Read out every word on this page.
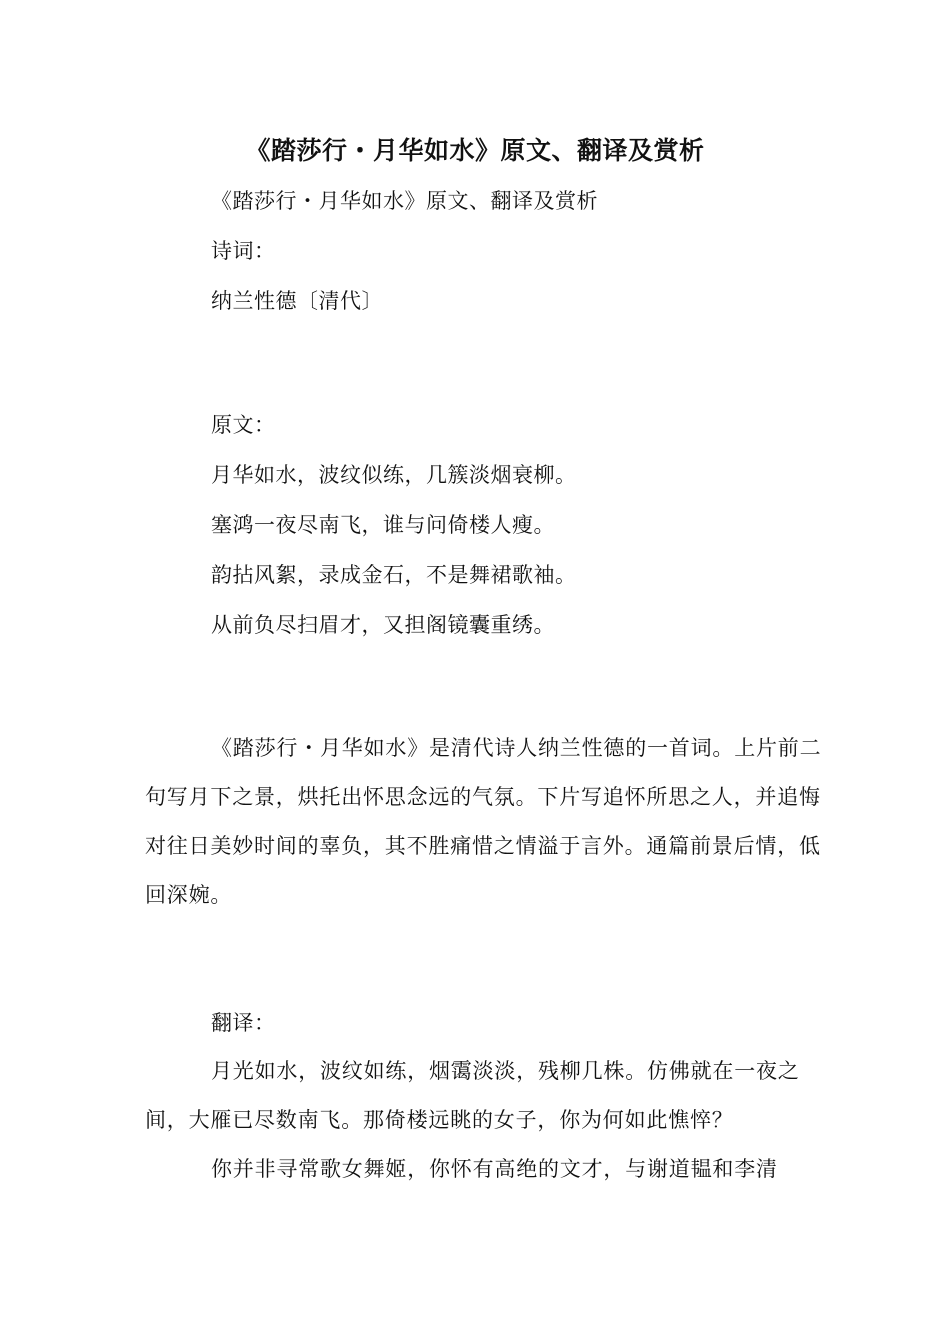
《踏莎行・月华如水》原文、翻译及赏析
《踏莎行・月华如水》原文、翻译及赏析
诗词：
纳兰性德〔清代〕
原文：
月华如水，波纹似练，几簇淡烟衰柳。
塞鸿一夜尽南飞，谁与问倚楼人瘦。
韵拈风絮，录成金石，不是舞裙歌袖。
从前负尽扫眉才，又担阁镜囊重绣。
《踏莎行・月华如水》是清代诗人纳兰性德的一首词。上片前二句写月下之景，烘托出怀思念远的气氛。下片写追怀所思之人，并追悔对往日美妙时间的辜负，其不胜痛惜之情溢于言外。通篇前景后情，低回深婉。
翻译：
月光如水，波纹如练，烟霭淡淡，残柳几株。仿佛就在一夜之间，大雁已尽数南飞。那倚楼远眺的女子，你为何如此憔悴？
你并非寻常歌女舞姬，你怀有高绝的文才，与谢道韫和李清
